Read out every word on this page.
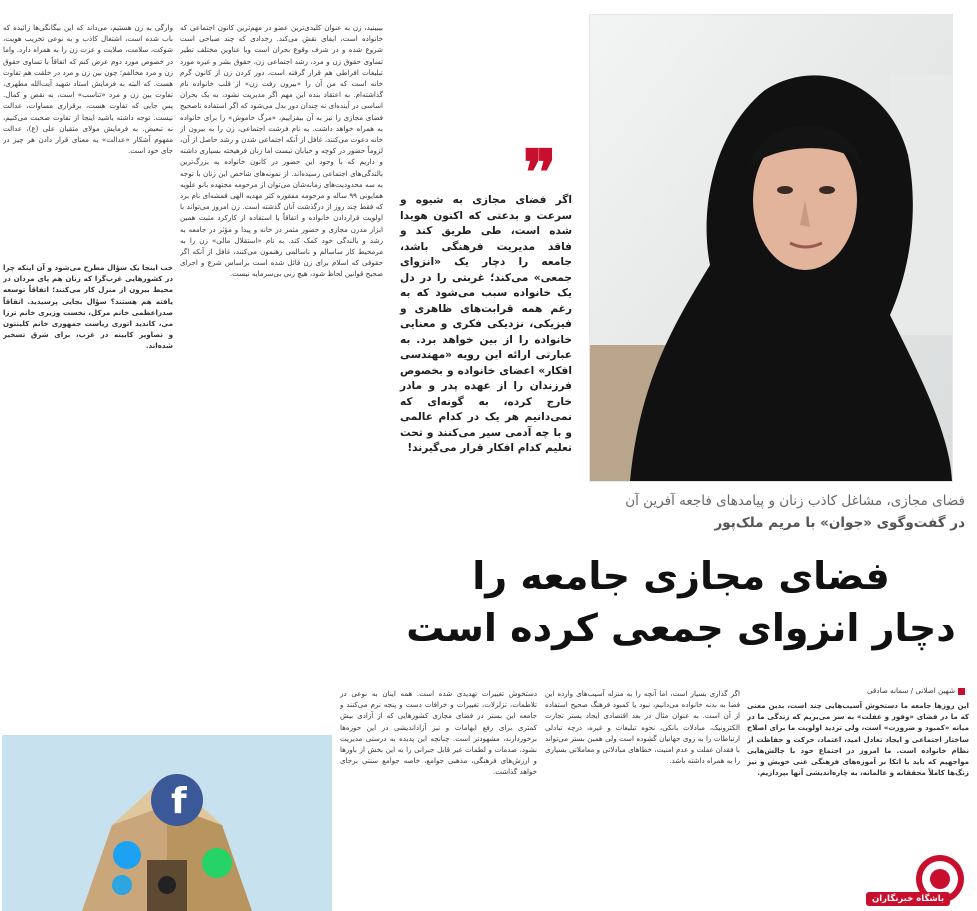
بیبینید، زن به عنوان کلیدی‌ترین عضو در مهم‌ترین کانون اجتماعی که خانواده است، ایفای نقش می‌کند. رخدادی که چند صباحی است شروع شده و در شرف وقوع بحران است وبا عناوین مختلف تطیر تساوی حقوق زن و مرد، رشد اجتماعی زن، حقوق بشر و غیره مورد تبلیغات افراطی هم قرار گرفته است، دور کردن زن از کانون گرم خانه است که من آن را «بیرون رفت زن» از قلب خانواده نام گذاشته‌ام. به اعتقاد بنده این مهم اگر مدیریت نشود، به یک بحران اساسی در آینده‌ای نه چندان دور بدل می‌شود که اگر استفاده ناصحیح فضای مجازی را نیز به آن بیفزاییم، «مرگ خاموش» را برای خانواده به همراه خواهد داشت. به نام فرشت اجتماعی، زن را به بیرون از خانه دعوت می‌کنند، غافل از آنکه اجتماعی شدن و رشد حاصل از آن، لزوماً حضور در کوچه و خیابان نیست اما زنان فرهیخته بسیاری داشته و داریم که با وجود این حضور در کانون خانواده به بزرگ‌ترین بالندگی‌های اجتماعی رسیده‌اند. از نمونه‌های شاخص این زنان با توجه به سه محدودیت‌های زمانه‌شان می‌توان از مرحومه مجتهده بانو علویه همایونی ۹۹ ساله و مرحومه مفقوره کثر مهدیه الهی قمشه‌ای نام برد که فقط چند روز از درگذشت آنان گذشته است. زن امروز می‌تواند با اولویت قراردادن خانواده و اتفاقاً با استفاده از کارکرد مثبت همین ابزار مدرن مجازی و حضور مثمر در خانه و پیدا و مؤثر در جامعه به رشد و بالندگی خود کمک کند. به نام «استقلال مالی» زن را به مرمحیط کار ساسالم و ناسالمی رهنمون می‌کنند، غافل از آنکه اگر حقوقی که اسلام برای زن قائل شده است براساس شرع و اجرای صحیح قوانین لحاظ شود، هیچ زنی بی‌سرمایه نیست.

وارگی به زن هستیم، می‌داند که این بیگانگی‌ها زائیده که باب شده است، اشتغال کاذب و به نوعی تخریب هویت، شوکت، سلامت، صلابت و عزت زن را به همراه دارد. واما در خصوص مورد دوم عرض کنم که اتفاقاً با تساوی حقوق زن و مرد مخالفم؛ چون بین زن و مرد در خلقت هم تفاوت هست. که البته به فرمایش استاد شهید آیت‌الله مطهری، تفاوت بین زن و مرد «تناسب» است، نه نقص و کمال. پس جایی که تفاوت هست، برقراری مساوات، عدالت نیست. توجه داشته باشید اینجا از تفاوت صحبت می‌کنیم، نه تبعیض. به فرمایش مولای متقیان علی (ع)، عدالت مفهوم آشکار «عدالت» به معنای قرار دادن هر چیز در جای خود است.

خب اینجا یک سؤال مطرح می‌شود و آن اینکه چرا در کشورهایی غرب‌گرا که زنان هم پای مردان در محیط بیرون از منزل کار می‌کنند؛ اتفاقاً توسعه یافته هم هستند؟ سؤال بجایی پرسیدید. اتفاقاً صدراعظمی خانم مرکل، نخست وزیری خانم ترزا می، کاندید اتوری ریاست جمهوری خانم کلینتون و تصاویر کابینه در غرب، برای شرق تسخیر شده‌اند.

❞
اگر فضای مجازی به شیوه و سرعت و بدعتی که اکنون هویدا شده است، طی طریق کند و فاقد مدیریت فرهنگی باشد، جامعه را دچار یک «انزوای جمعی» می‌کند؛ غربتی را در دل یک خانواده سبب می‌شود که به رغم همه قرابت‌های ظاهری و فیزیکی، نزدیکی فکری و معنایی خانواده را از بین خواهد برد. به عبارتی ارائه این رویه «مهندسی افکار» اعضای خانواده و بخصوص فرزندان را از عهده پدر و مادر خارج کرده، به گونه‌ای که نمی‌دانیم هر یک در کدام عالمی و با چه آدمی سیر می‌کنند و تحت تعلیم کدام افکار قرار می‌گیرند!
فضای مجازی، مشاغل کاذب زنان و پیامدهای فاجعه آفرین آن
در گفت‌وگوی «جوان» با مریم ملک‌پور
فضای مجازی جامعه را
دچار انزوای جمعی کرده است
شهین اصلانی / سمانه صادقی

این روزها جامعه ما دستخوش آسیب‌هایی چند است، بدین معنی که ما در فضای «وفور و غفلت» به سر می‌بریم که زندگی ما در میانه «کمبود و ضرورت» است، ولی تردید اولویت ما برای اصلاح ساختار اجتماعی و ایجاد تعادل امید، اعتماد، حرکت و حفاظت از نظام خانواده است. ما امروز در اجتماع خود با چالش‌هایی مواجهیم که باید با اتکا بر آموزه‌های فرهنگی غنی خویش و نیز زنگ‌ها کاملاً محققانه و عالمانه، به چاره‌اندیشی آنها بپردازیم.

اگر گذاری بسیار است، اما آنچه را به منزله آسیب‌های وارده این فضا به بدنه خانواده می‌دانیم، نبود یا کمبود فرهنگ صحیح استفاده از آن است. به عنوان مثال در بعد اقتصادی ایجاد بستر تجارت الکترونیک، مبادلات بانکی، نحوه تبلیغات و غیره، درچه تبادلی ارتباطات را به روی جهانیان گشوده است ولی همین بستر می‌تواند با فقدان غفلت و عدم امنیت، خطاهای مبادلاتی و معاملاتی بسیاری را به همراه داشته باشد.

دستخوش تغییرات تهدیدی شده است. همه اینان به نوعی در تلاطمات، تزلزلات، تغییرات و خرافات دست و پنجه نرم می‌کنند و جامعه این بستر در فضای مجازی کشورهایی که از آزادی بیش کمتری برای رفع ابهامات و تیز آزاداندیشی در این حوزه‌ها برخوردارند، مشهودتر است. چنانچه این پدیده به درستی مدیریت نشود، صدمات و لطمات غیر قابل جبرانی را به این بخش از باورها و ارزش‌های فرهنگی، مذهبی جوامع، خاصه جوامع سنتی برجای خواهد گذاشت.

f
باشگاه خبرنگاران
